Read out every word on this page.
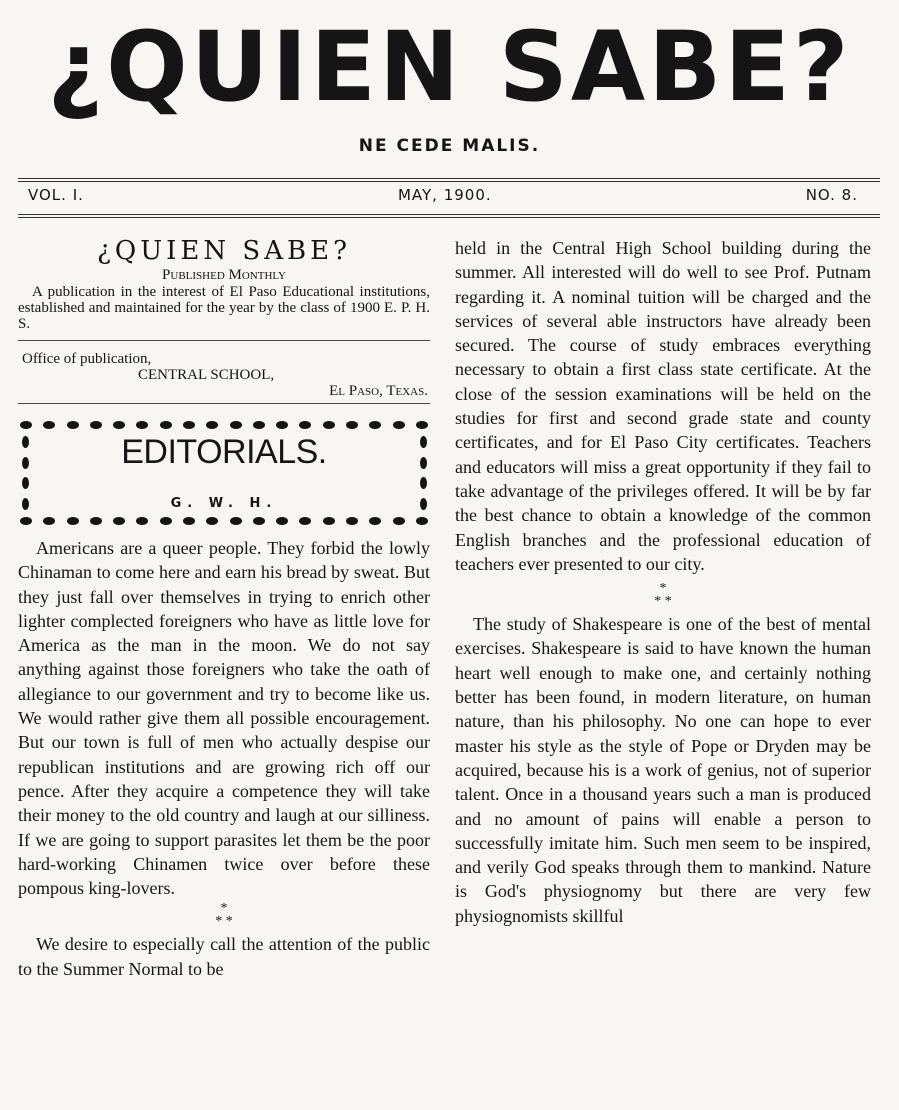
¿QUIEN SABE?
NE CEDE MALIS.
VOL. I.	MAY, 1900.	NO. 8.
¿QUIEN SABE?
Published Monthly

A publication in the interest of El Paso Educational institutions, established and maintained for the year by the class of 1900 E. P. H. S.

Office of publication,
CENTRAL SCHOOL,
El Paso, Texas.
EDITORIALS.
G. W. H.

Americans are a queer people. They forbid the lowly Chinaman to come here and earn his bread by sweat. But they just fall over themselves in trying to enrich other lighter complected foreigners who have as little love for America as the man in the moon. We do not say anything against those foreigners who take the oath of allegiance to our government and try to become like us. We would rather give them all possible encouragement. But our town is full of men who actually despise our republican institutions and are growing rich off our pence. After they acquire a competence they will take their money to the old country and laugh at our silliness. If we are going to support parasites let them be the poor hard-working Chinamen twice over before these pompous king-lovers.

*
* *

We desire to especially call the attention of the public to the Summer Normal to be

held in the Central High School building during the summer. All interested will do well to see Prof. Putnam regarding it. A nominal tuition will be charged and the services of several able instructors have already been secured. The course of study embraces everything necessary to obtain a first class state certificate. At the close of the session examinations will be held on the studies for first and second grade state and county certificates, and for El Paso City certificates. Teachers and educators will miss a great opportunity if they fail to take advantage of the privileges offered. It will be by far the best chance to obtain a knowledge of the common English branches and the professional education of teachers ever presented to our city.

*
* *

The study of Shakespeare is one of the best of mental exercises. Shakespeare is said to have known the human heart well enough to make one, and certainly nothing better has been found, in modern literature, on human nature, than his philosophy. No one can hope to ever master his style as the style of Pope or Dryden may be acquired, because his is a work of genius, not of superior talent. Once in a thousand years such a man is produced and no amount of pains will enable a person to successfully imitate him. Such men seem to be inspired, and verily God speaks through them to mankind. Nature is God's physiognomy but there are very few physiognomists skillful
